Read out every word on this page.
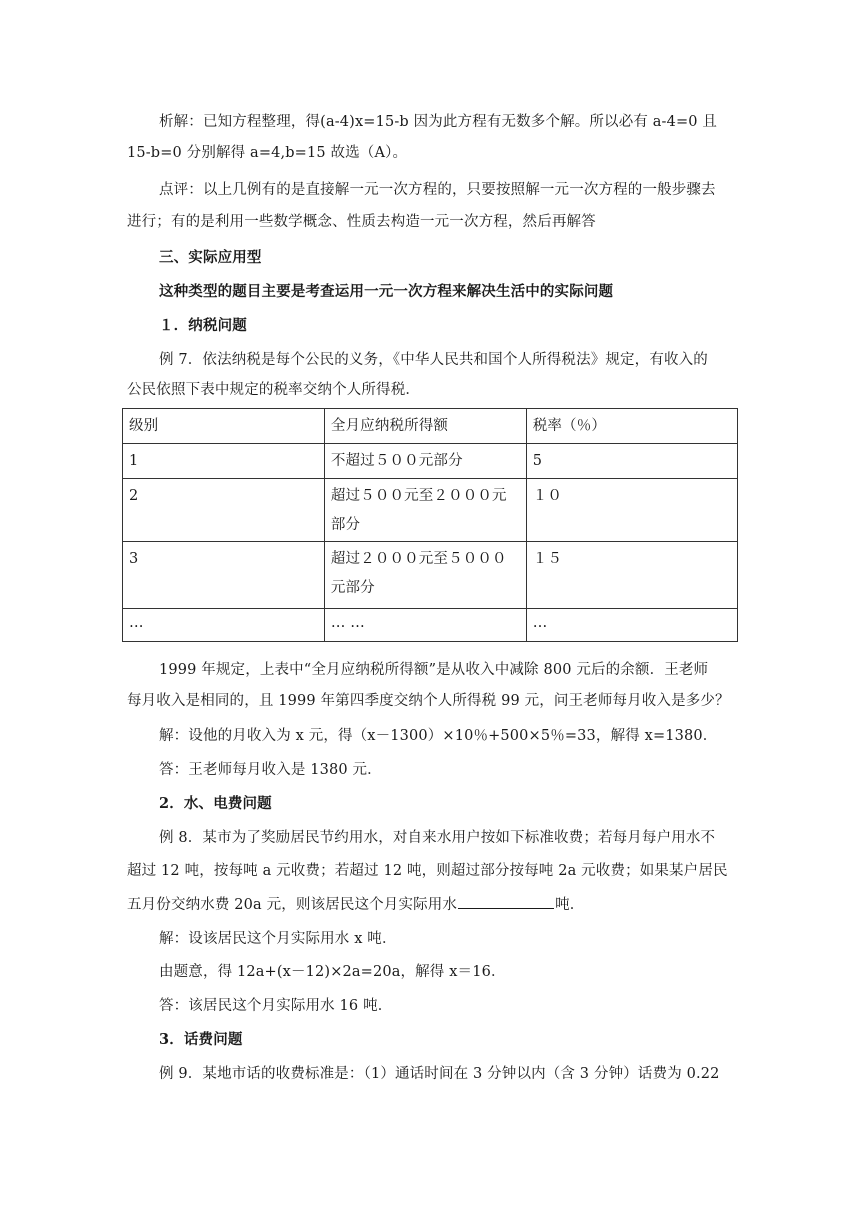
析解：已知方程整理，得(a-4)x=15-b 因为此方程有无数多个解。所以必有 a-4=0 且
15-b=0 分别解得 a=4,b=15 故选（A）。
点评：以上几例有的是直接解一元一次方程的，只要按照解一元一次方程的一般步骤去
进行；有的是利用一些数学概念、性质去构造一元一次方程，然后再解答
三、实际应用型
这种类型的题目主要是考查运用一元一次方程来解决生活中的实际问题
１．纳税问题
例 7．依法纳税是每个公民的义务，《中华人民共和国个人所得税法》规定，有收入的
公民依照下表中规定的税率交纳个人所得税．
级别	全月应纳税所得额	税率（％）

1	不超过５００元部分	5

2	超过５００元至２０００元部分	１０

3	超过２０００元至５０００元部分	１５

…	… …	…
1999 年规定，上表中“全月应纳税所得额”是从收入中减除 800 元后的余额．王老师
每月收入是相同的，且 1999 年第四季度交纳个人所得税 99 元，问王老师每月收入是多少？
解：设他的月收入为 x 元，得（x－1300）×10％+500×5％=33，解得 x=1380．
答：王老师每月收入是 1380 元．
2．水、电费问题
例 8．某市为了奖励居民节约用水，对自来水用户按如下标准收费；若每月每户用水不
超过 12 吨，按每吨 a 元收费；若超过 12 吨，则超过部分按每吨 2a 元收费；如果某户居民
五月份交纳水费 20a 元，则该居民这个月实际用水	吨．
解：设该居民这个月实际用水 x 吨．
由题意，得 12a+(x－12)×2a=20a，解得 x＝16．
答：该居民这个月实际用水 16 吨．
3．话费问题
例 9．某地市话的收费标准是：（1）通话时间在 3 分钟以内（含 3 分钟）话费为 0.22
